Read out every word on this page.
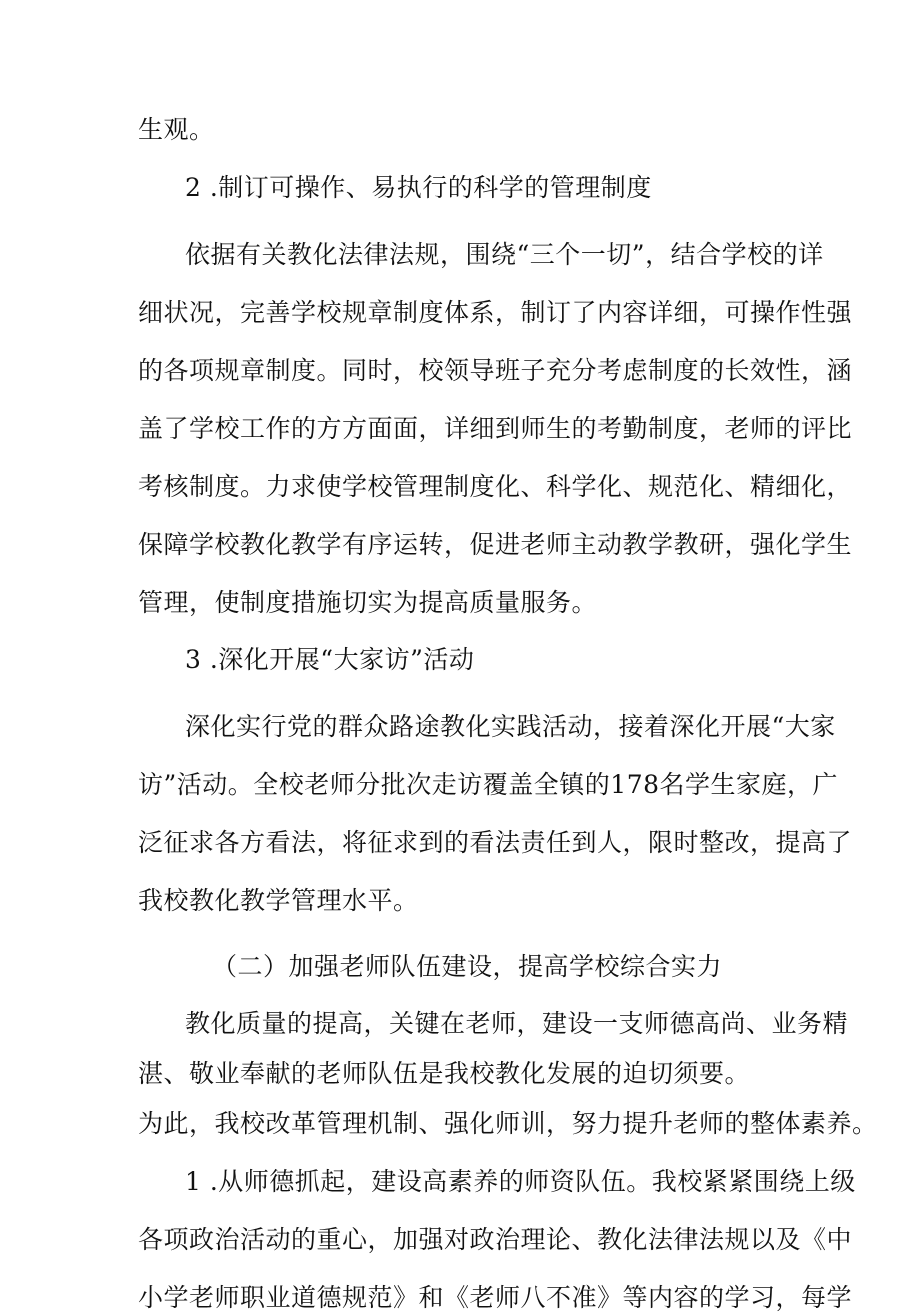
生观。
2 .制订可操作、易执行的科学的管理制度
依据有关教化法律法规，围绕“三个一切”，结合学校的详
细状况，完善学校规章制度体系，制订了内容详细，可操作性强
的各项规章制度。同时，校领导班子充分考虑制度的长效性，涵
盖了学校工作的方方面面，详细到师生的考勤制度，老师的评比
考核制度。力求使学校管理制度化、科学化、规范化、精细化，
保障学校教化教学有序运转，促进老师主动教学教研，强化学生
管理，使制度措施切实为提高质量服务。
3 .深化开展“大家访”活动
深化实行党的群众路途教化实践活动，接着深化开展“大家
访”活动。全校老师分批次走访覆盖全镇的178名学生家庭，广
泛征求各方看法，将征求到的看法责任到人，限时整改，提高了
我校教化教学管理水平。
（二）加强老师队伍建设，提高学校综合实力
教化质量的提高，关键在老师，建设一支师德高尚、业务精
湛、敬业奉献的老师队伍是我校教化发展的迫切须要。
为此，我校改革管理机制、强化师训，努力提升老师的整体素养。
1 .从师德抓起，建设高素养的师资队伍。我校紧紧围绕上级
各项政治活动的重心，加强对政治理论、教化法律法规以及《中
小学老师职业道德规范》和《老师八不准》等内容的学习，每学
